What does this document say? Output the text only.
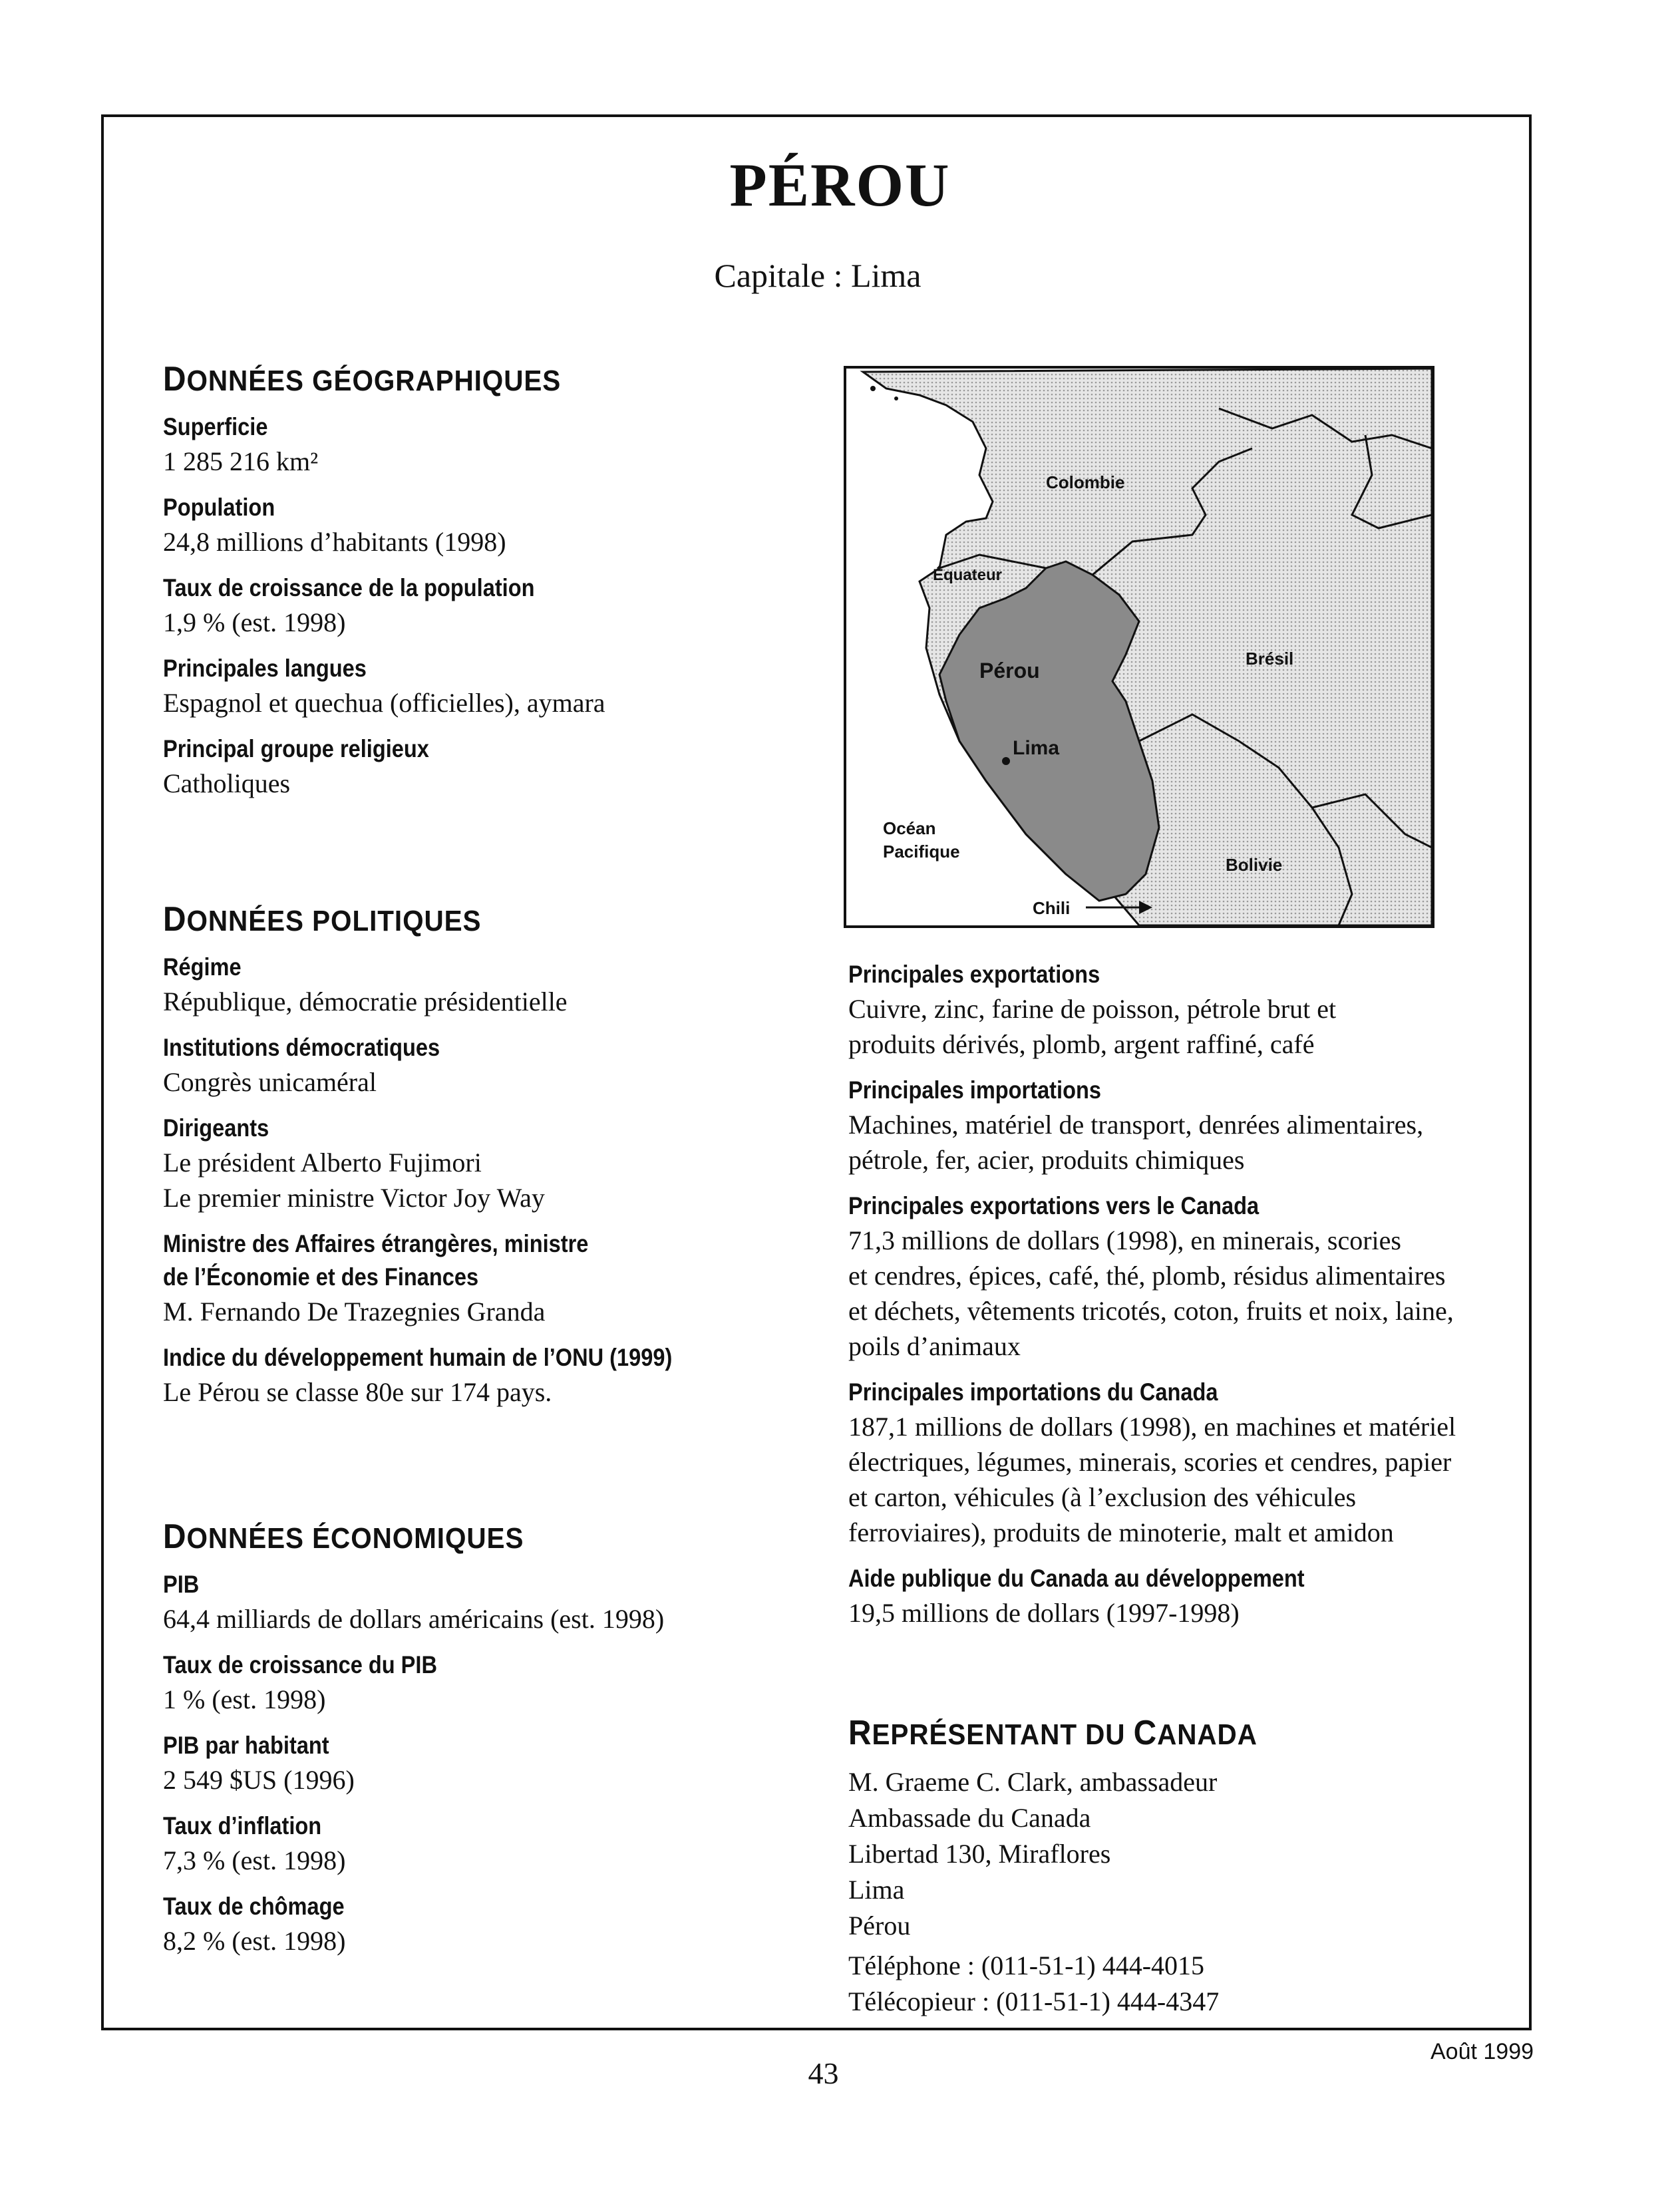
PÉROU
Capitale : Lima
DONNÉES GÉOGRAPHIQUES
Superficie
1 285 216 km²
Population
24,8 millions d’habitants (1998)
Taux de croissance de la population
1,9 % (est. 1998)
Principales langues
Espagnol et quechua (officielles), aymara
Principal groupe religieux
Catholiques
DONNÉES POLITIQUES
Régime
République, démocratie présidentielle
Institutions démocratiques
Congrès unicaméral
Dirigeants
Le président Alberto Fujimori
Le premier ministre Victor Joy Way
Ministre des Affaires étrangères, ministre
de l’Économie et des Finances
M. Fernando De Trazegnies Granda
Indice du développement humain de l’ONU (1999)
Le Pérou se classe 80e sur 174 pays.
DONNÉES ÉCONOMIQUES
PIB
64,4 milliards de dollars américains (est. 1998)
Taux de croissance du PIB
1 % (est. 1998)
PIB par habitant
2 549 $US (1996)
Taux d’inflation
7,3 % (est. 1998)
Taux de chômage
8,2 % (est. 1998)
Colombie
Équateur
Pérou	Brésil
Lima
Océan
Pacifique
Bolivie
Chili
Principales exportations
Cuivre, zinc, farine de poisson, pétrole brut et
produits dérivés, plomb, argent raffiné, café
Principales importations
Machines, matériel de transport, denrées alimentaires,
pétrole, fer, acier, produits chimiques
Principales exportations vers le Canada
71,3 millions de dollars (1998), en minerais, scories
et cendres, épices, café, thé, plomb, résidus alimentaires
et déchets, vêtements tricotés, coton, fruits et noix, laine,
poils d’animaux
Principales importations du Canada
187,1 millions de dollars (1998), en machines et matériel
électriques, légumes, minerais, scories et cendres, papier
et carton, véhicules (à l’exclusion des véhicules
ferroviaires), produits de minoterie, malt et amidon
Aide publique du Canada au développement
19,5 millions de dollars (1997-1998)
REPRÉSENTANT DU CANADA
M. Graeme C. Clark, ambassadeur
Ambassade du Canada
Libertad 130, Miraflores
Lima
Pérou
Téléphone : (011-51-1) 444-4015
Télécopieur : (011-51-1) 444-4347
43
Août 1999
